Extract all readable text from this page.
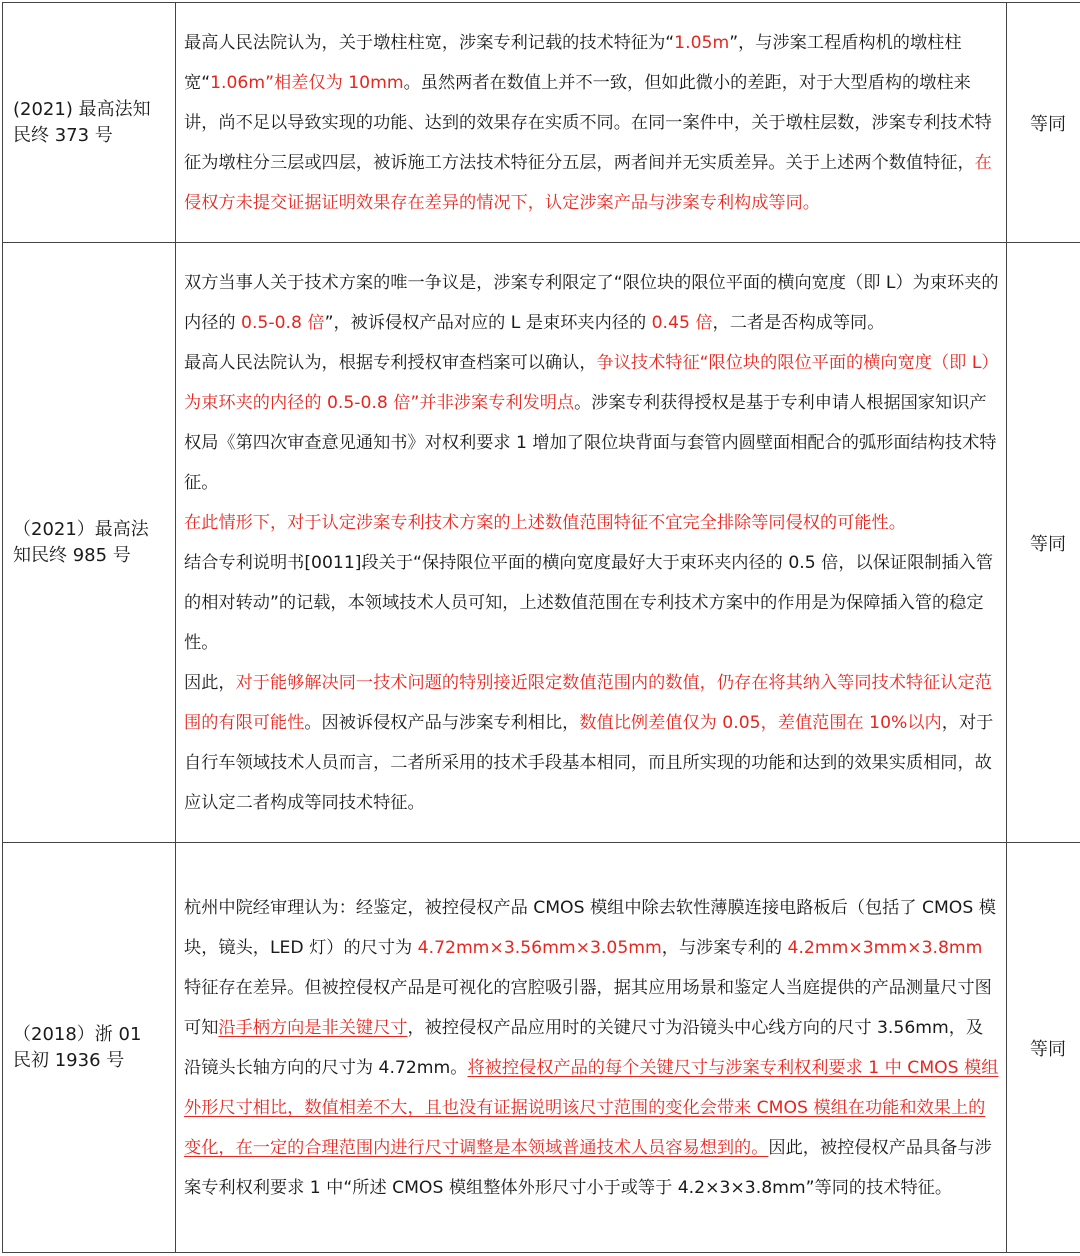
(2021) 最高法知民终 373 号	最高人民法院认为，关于墩柱柱宽，涉案专利记载的技术特征为“1.05m”，与涉案工程盾构机的墩柱柱宽“1.06m”相差仅为 10mm。虽然两者在数值上并不一致，但如此微小的差距，对于大型盾构的墩柱来讲，尚不足以导致实现的功能、达到的效果存在实质不同。在同一案件中，关于墩柱层数，涉案专利技术特征为墩柱分三层或四层，被诉施工方法技术特征分五层，两者间并无实质差异。关于上述两个数值特征，在侵权方未提交证据证明效果存在差异的情况下，认定涉案产品与涉案专利构成等同。	等同
（2021）最高法知民终 985 号	双方当事人关于技术方案的唯一争议是，涉案专利限定了“限位块的限位平面的横向宽度（即 L）为束环夹的内径的 0.5-0.8 倍”，被诉侵权产品对应的 L 是束环夹内径的 0.45 倍，二者是否构成等同。

最高人民法院认为，根据专利授权审查档案可以确认，争议技术特征“限位块的限位平面的横向宽度（即 L）为束环夹的内径的 0.5-0.8 倍”并非涉案专利发明点。涉案专利获得授权是基于专利申请人根据国家知识产权局《第四次审查意见通知书》对权利要求 1 增加了限位块背面与套管内圆壁面相配合的弧形面结构技术特征。

在此情形下，对于认定涉案专利技术方案的上述数值范围特征不宜完全排除等同侵权的可能性。

结合专利说明书[0011]段关于“保持限位平面的横向宽度最好大于束环夹内径的 0.5 倍，以保证限制插入管的相对转动”的记载，本领域技术人员可知，上述数值范围在专利技术方案中的作用是为保障插入管的稳定性。

因此，对于能够解决同一技术问题的特别接近限定数值范围内的数值，仍存在将其纳入等同技术特征认定范围的有限可能性。因被诉侵权产品与涉案专利相比，数值比例差值仅为 0.05，差值范围在 10%以内，对于自行车领域技术人员而言，二者所采用的技术手段基本相同，而且所实现的功能和达到的效果实质相同，故应认定二者构成等同技术特征。	等同
（2018）浙 01 民初 1936 号	杭州中院经审理认为：经鉴定，被控侵权产品 CMOS 模组中除去软性薄膜连接电路板后（包括了 CMOS 模块，镜头，LED 灯）的尺寸为 4.72mm×3.56mm×3.05mm，与涉案专利的 4.2mm×3mm×3.8mm 特征存在差异。但被控侵权产品是可视化的宫腔吸引器，据其应用场景和鉴定人当庭提供的产品测量尺寸图可知沿手柄方向是非关键尺寸，被控侵权产品应用时的关键尺寸为沿镜头中心线方向的尺寸 3.56mm，及沿镜头长轴方向的尺寸为 4.72mm。将被控侵权产品的每个关键尺寸与涉案专利权利要求 1 中 CMOS 模组外形尺寸相比，数值相差不大，且也没有证据说明该尺寸范围的变化会带来 CMOS 模组在功能和效果上的变化，在一定的合理范围内进行尺寸调整是本领域普通技术人员容易想到的。因此，被控侵权产品具备与涉案专利权利要求 1 中“所述 CMOS 模组整体外形尺寸小于或等于 4.2×3×3.8mm”等同的技术特征。	等同
